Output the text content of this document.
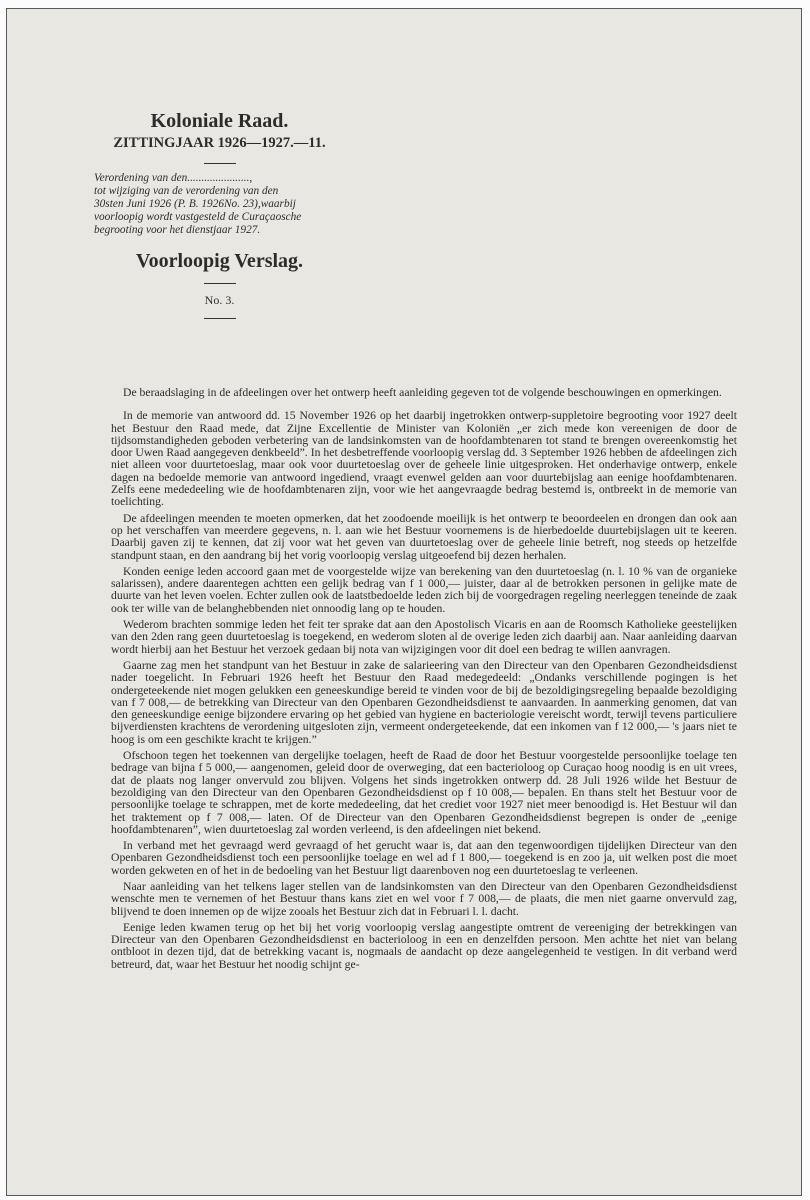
Koloniale Raad.
ZITTINGJAAR 1926—1927.—11.
Verordening van den......................,
tot wijziging van de verordening van den
30sten Juni 1926 (P. B. 1926No. 23),waarbij
voorloopig wordt vastgesteld de Curaçaosche
begrooting voor het dienstjaar 1927.
Voorloopig Verslag.
No. 3.

De beraadslaging in de afdeelingen over het ontwerp heeft aanleiding gegeven tot de volgende beschouwingen en opmerkingen.

In de memorie van antwoord dd. 15 November 1926 op het daarbij ingetrokken ontwerp-suppletoire begrooting voor 1927 deelt het Bestuur den Raad mede, dat Zijne Excellentie de Minister van Koloniën „er zich mede kon vereenigen de door de tijdsomstandigheden geboden verbetering van de landsinkomsten van de hoofdambtenaren tot stand te brengen overeenkomstig het door Uwen Raad aangegeven denkbeeld”. In het desbetreffende voorloopig verslag dd. 3 September 1926 hebben de afdeelingen zich niet alleen voor duurtetoeslag, maar ook voor duurtetoeslag over de geheele linie uitgesproken. Het onderhavige ontwerp, enkele dagen na bedoelde memorie van antwoord ingediend, vraagt evenwel gelden aan voor duurtebijslag aan eenige hoofdambtenaren. Zelfs eene mededeeling wie de hoofdambtenaren zijn, voor wie het aangevraagde bedrag bestemd is, ontbreekt in de memorie van toelichting.

De afdeelingen meenden te moeten opmerken, dat het zoodoende moeilijk is het ontwerp te beoordeelen en drongen dan ook aan op het verschaffen van meerdere gegevens, n. l. aan wie het Bestuur voornemens is de hierbedoelde duurtebijslagen uit te keeren. Daarbij gaven zij te kennen, dat zij voor wat het geven van duurtetoeslag over de geheele linie betreft, nog steeds op hetzelfde standpunt staan, en den aandrang bij het vorig voorloopig verslag uitgeoefend bij dezen herhalen.

Konden eenige leden accoord gaan met de voorgestelde wijze van berekening van den duurtetoeslag (n. l. 10 % van de organieke salarissen), andere daarentegen achtten een gelijk bedrag van f 1 000,— juister, daar al de betrokken personen in gelijke mate de duurte van het leven voelen. Echter zullen ook de laatstbedoelde leden zich bij de voorgedragen regeling neerleggen teneinde de zaak ook ter wille van de belanghebbenden niet onnoodig lang op te houden.

Wederom brachten sommige leden het feit ter sprake dat aan den Apostolisch Vicaris en aan de Roomsch Katholieke geestelijken van den 2den rang geen duurtetoeslag is toegekend, en wederom sloten al de overige leden zich daarbij aan. Naar aanleiding daarvan wordt hierbij aan het Bestuur het verzoek gedaan bij nota van wijzigingen voor dit doel een bedrag te willen aanvragen.

Gaarne zag men het standpunt van het Bestuur in zake de salarieering van den Directeur van den Openbaren Gezondheidsdienst nader toegelicht. In Februari 1926 heeft het Bestuur den Raad medegedeeld: „Ondanks verschillende pogingen is het ondergeteekende niet mogen gelukken een geneeskundige bereid te vinden voor de bij de bezoldigingsregeling bepaalde bezoldiging van f 7 008,— de betrekking van Directeur van den Openbaren Gezondheidsdienst te aanvaarden. In aanmerking genomen, dat van den geneeskundige eenige bijzondere ervaring op het gebied van hygiene en bacteriologie vereischt wordt, terwijl tevens particuliere bijverdiensten krachtens de verordening uitgesloten zijn, vermeent ondergeteekende, dat een inkomen van f 12 000,— 's jaars niet te hoog is om een geschikte kracht te krijgen.”

Ofschoon tegen het toekennen van dergelijke toelagen, heeft de Raad de door het Bestuur voorgestelde persoonlijke toelage ten bedrage van bijna f 5 000,— aangenomen, geleid door de overweging, dat een bacterioloog op Curaçao hoog noodig is en uit vrees, dat de plaats nog langer onvervuld zou blijven. Volgens het sinds ingetrokken ontwerp dd. 28 Juli 1926 wilde het Bestuur de bezoldiging van den Directeur van den Openbaren Gezondheidsdienst op f 10 008,— bepalen. En thans stelt het Bestuur voor de persoonlijke toelage te schrappen, met de korte mededeeling, dat het crediet voor 1927 niet meer benoodigd is. Het Bestuur wil dan het traktement op f 7 008,— laten. Of de Directeur van den Openbaren Gezondheidsdienst begrepen is onder de „eenige hoofdambtenaren”, wien duurtetoeslag zal worden verleend, is den afdeelingen niet bekend.

In verband met het gevraagd werd gevraagd of het gerucht waar is, dat aan den tegenwoordigen tijdelijken Directeur van den Openbaren Gezondheidsdienst toch een persoonlijke toelage en wel ad f 1 800,— toegekend is en zoo ja, uit welken post die moet worden gekweten en of het in de bedoeling van het Bestuur ligt daarenboven nog een duurtetoeslag te verleenen.

Naar aanleiding van het telkens lager stellen van de landsinkomsten van den Directeur van den Openbaren Gezondheidsdienst wenschte men te vernemen of het Bestuur thans kans ziet en wel voor f 7 008,— de plaats, die men niet gaarne onvervuld zag, blijvend te doen innemen op de wijze zooals het Bestuur zich dat in Februari l. l. dacht.

Eenige leden kwamen terug op het bij het vorig voorloopig verslag aangestipte omtrent de vereeniging der betrekkingen van Directeur van den Openbaren Gezondheidsdienst en bacterioloog in een en denzelfden persoon. Men achtte het niet van belang ontbloot in dezen tijd, dat de betrekking vacant is, nogmaals de aandacht op deze aangelegenheid te vestigen. In dit verband werd betreurd, dat, waar het Bestuur het noodig schijnt ge-
